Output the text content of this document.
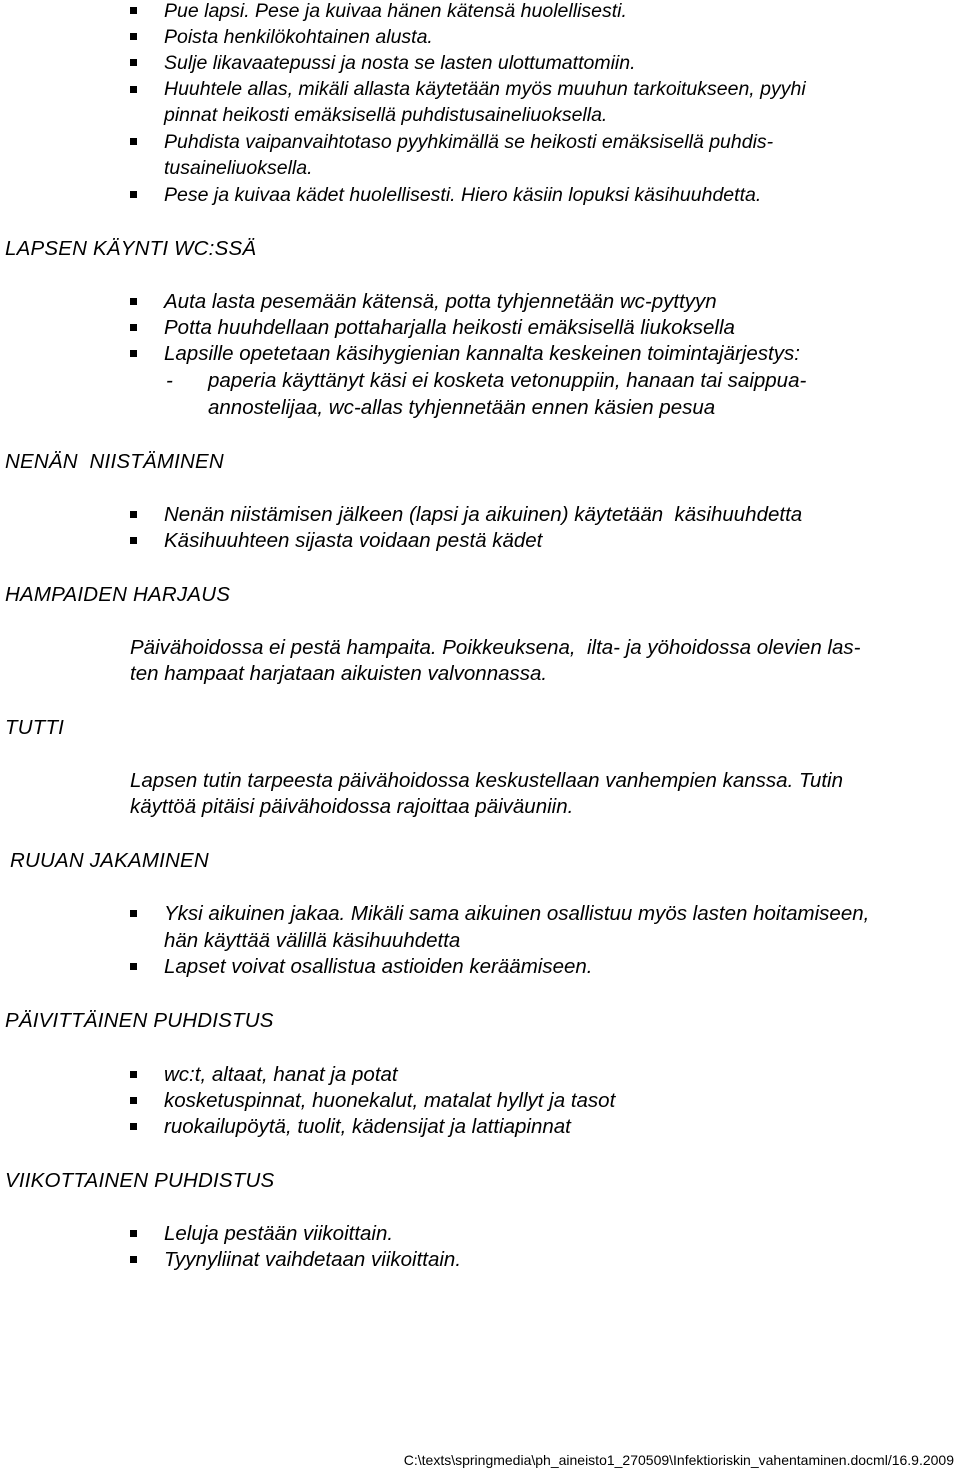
Pue lapsi. Pese ja kuivaa hänen kätensä huolellisesti.
Poista henkilökohtainen alusta.
Sulje likavaatepussi ja nosta se lasten ulottumattomiin.
Huuhtele allas, mikäli allasta käytetään myös muuhun tarkoitukseen, pyyhi
pinnat heikosti emäksisellä puhdistusaineliuoksella.
Puhdista vaipanvaihtotaso pyyhkimällä se heikosti emäksisellä puhdis-
tusaineliuoksella.
Pese ja kuivaa kädet huolellisesti. Hiero käsiin lopuksi käsihuuhdetta.
LAPSEN KÄYNTI WC:SSÄ
Auta lasta pesemään kätensä, potta tyhjennetään wc-pyttyyn
Potta huuhdellaan pottaharjalla heikosti emäksisellä liukoksella
Lapsille opetetaan käsihygienian kannalta keskeinen toimintajärjestys:
- paperia käyttänyt käsi ei kosketa vetonuppiin, hanaan tai saippua-
annostelijaa, wc-allas tyhjennetään ennen käsien pesua
NENÄN  NIISTÄMINEN
Nenän niistämisen jälkeen (lapsi ja aikuinen) käytetään  käsihuuhdetta
Käsihuuhteen sijasta voidaan pestä kädet
HAMPAIDEN HARJAUS
Päivähoidossa ei pestä hampaita. Poikkeuksena,  ilta- ja yöhoidossa olevien las-
ten hampaat harjataan aikuisten valvonnassa.
TUTTI
Lapsen tutin tarpeesta päivähoidossa keskustellaan vanhempien kanssa. Tutin
käyttöä pitäisi päivähoidossa rajoittaa päiväuniin.
RUUAN JAKAMINEN
Yksi aikuinen jakaa. Mikäli sama aikuinen osallistuu myös lasten hoitamiseen,
hän käyttää välillä käsihuuhdetta
Lapset voivat osallistua astioiden keräämiseen.
PÄIVITTÄINEN PUHDISTUS
wc:t, altaat, hanat ja potat
kosketuspinnat, huonekalut, matalat hyllyt ja tasot
ruokailupöytä, tuolit, kädensijat ja lattiapinnat
VIIKOTTAINEN PUHDISTUS
Leluja pestään viikoittain.
Tyynyliinat vaihdetaan viikoittain.
C:\texts\springmedia\ph_aineisto1_270509\Infektioriskin_vahentaminen.docml/16.9.2009
